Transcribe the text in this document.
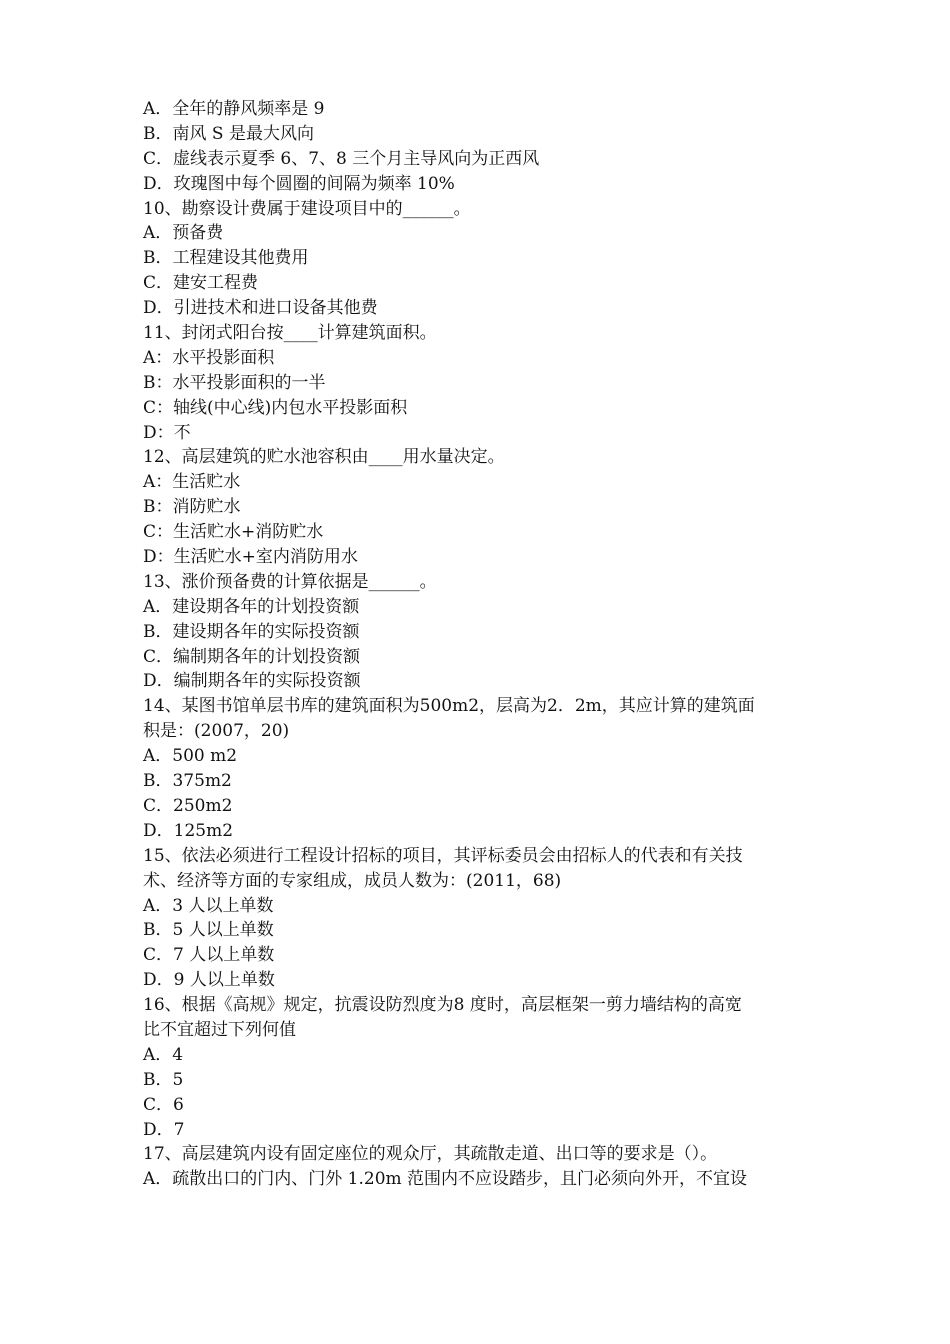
A．全年的静风频率是 9
B．南风 S 是最大风向
C．虚线表示夏季 6、7、8 三个月主导风向为正西风
D．玫瑰图中每个圆圈的间隔为频率 10%
10、勘察设计费属于建设项目中的______。
A．预备费
B．工程建设其他费用
C．建安工程费
D．引进技术和进口设备其他费
11、封闭式阳台按____计算建筑面积。
A：水平投影面积
B：水平投影面积的一半
C：轴线(中心线)内包水平投影面积
D：不
12、高层建筑的贮水池容积由____用水量决定。
A：生活贮水
B：消防贮水
C：生活贮水+消防贮水
D：生活贮水+室内消防用水
13、涨价预备费的计算依据是______。
A．建设期各年的计划投资额
B．建设期各年的实际投资额
C．编制期各年的计划投资额
D．编制期各年的实际投资额
14、某图书馆单层书库的建筑面积为500m2，层高为2．2m，其应计算的建筑面
积是：(2007，20)
A．500 m2
B．375m2
C．250m2
D．125m2
15、依法必须进行工程设计招标的项目，其评标委员会由招标人的代表和有关技
术、经济等方面的专家组成，成员人数为：(2011，68)
A．3 人以上单数
B．5 人以上单数
C．7 人以上单数
D．9 人以上单数
16、根据《高规》规定，抗震设防烈度为8 度时，高层框架一剪力墙结构的高宽
比不宜超过下列何值
A．4
B．5
C．6
D．7
17、高层建筑内设有固定座位的观众厅，其疏散走道、出口等的要求是（）。
A．疏散出口的门内、门外 1.20m 范围内不应设踏步，且门必须向外开，不宜设
